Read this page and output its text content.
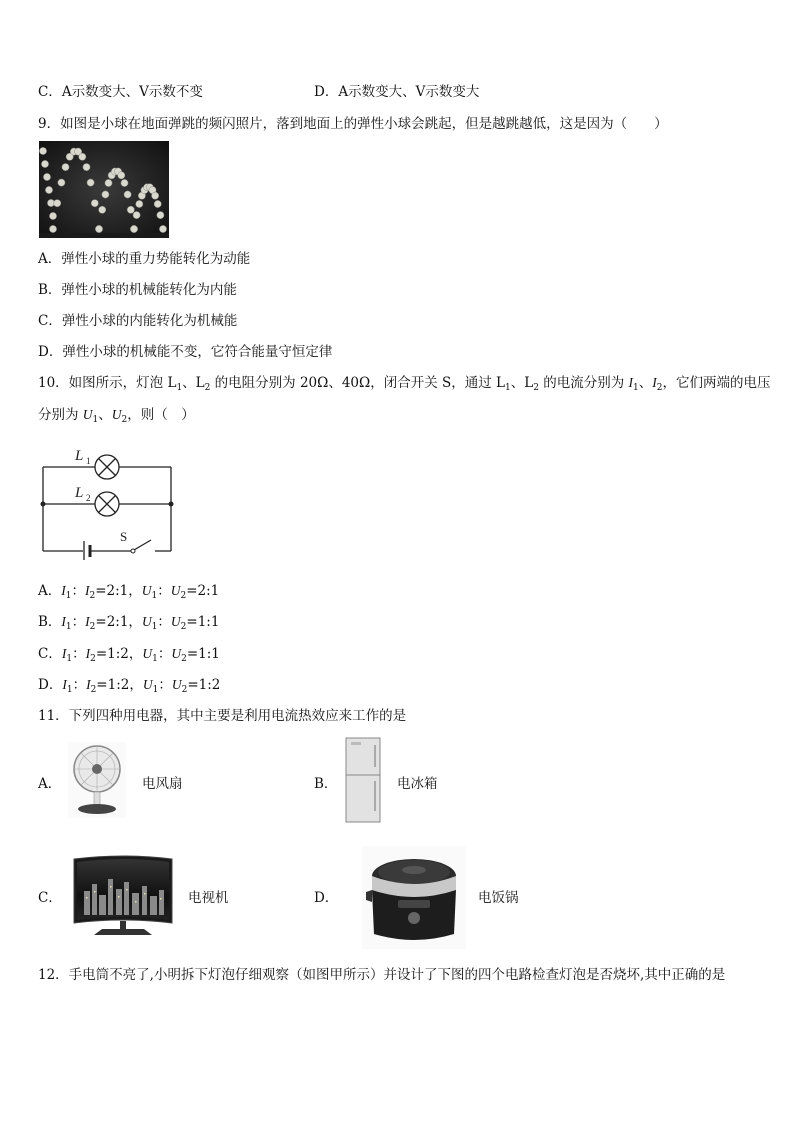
C．A示数变大、V示数不变	D．A示数变大、V示数变大
9．如图是小球在地面弹跳的频闪照片，落到地面上的弹性小球会跳起，但是越跳越低，这是因为（　　）
A．弹性小球的重力势能转化为动能
B．弹性小球的机械能转化为内能
C．弹性小球的内能转化为机械能
D．弹性小球的机械能不变，它符合能量守恒定律
10．如图所示，灯泡 $L_1$、$L_2$ 的电阻分别为 20Ω、40Ω，闭合开关 S，通过 $L_1$、$L_2$ 的电流分别为 $I_1$、$I_2$，它们两端的电压
分别为 $U_1$、$U_2$，则（　）
L 1
L 2
S
A．$I_1$：$I_2=2:1$，$U_1$：$U_2=2:1$
B．$I_1$：$I_2=2:1$，$U_1$：$U_2=1:1$
C．$I_1$：$I_2=1:2$，$U_1$：$U_2=1:1$
D．$I_1$：$I_2=1:2$，$U_1$：$U_2=1:2$
11．下列四种用电器，其中主要是利用电流热效应来工作的是
A．	电风扇	B．	电冰箱
C．	电视机	D．	电饭锅
12．手电筒不亮了,小明拆下灯泡仔细观察（如图甲所示）并设计了下图的四个电路检查灯泡是否烧坏,其中正确的是
